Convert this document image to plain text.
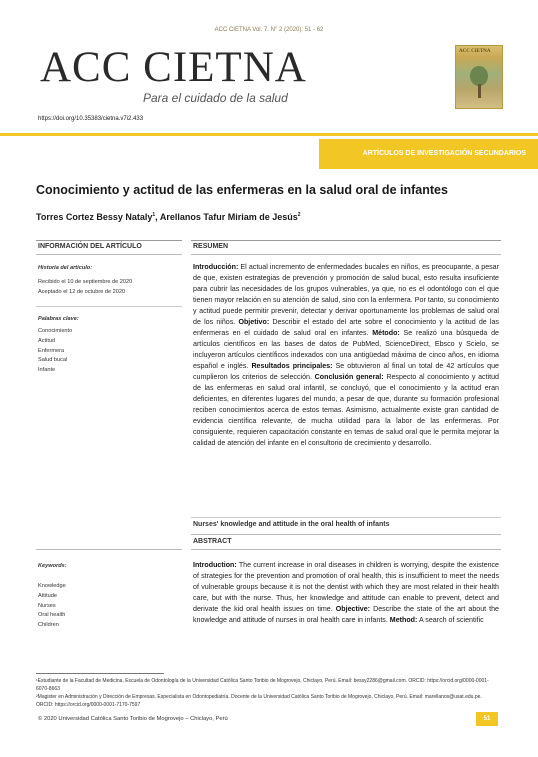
ACC CIETNA Vol. 7. N° 2 (2020): 51 - 62
ACC CIETNA
Para el cuidado de la salud
ACC CIETNA
https://doi.org/10.35383/cietna.v7i2.433
ARTÍCULOS DE INVESTIGACIÓN SECUNDARIOS
Conocimiento y actitud de las enfermeras en la salud oral de infantes
Torres Cortez Bessy Nataly$^1$, Arellanos Tafur Miriam de Jesús$^2$
INFORMACIÓN DEL ARTÍCULO
Historia del artículo:
Recibido el 10 de septiembre de 2020
Aceptado el 12 de octubre de 2020
Palabras clave:
Conocimiento
Actitud
Enfermera
Salud bucal
Infante
RESUMEN
Introducción: El actual incremento de enfermedades bucales en niños, es preocupante, a pesar de que, existen estrategias de prevención y promoción de salud bucal, esto resulta insuficiente para cubrir las necesidades de los grupos vulnerables, ya que, no es el odontólogo con el que tienen mayor relación en su atención de salud, sino con la enfermera. Por tanto, su conocimiento y actitud puede permitir prevenir, detectar y derivar oportunamente los problemas de salud oral de los niños. Objetivo: Describir el estado del arte sobre el conocimiento y la actitud de las enfermeras en el cuidado de salud oral en infantes. Método: Se realizó una búsqueda de artículos científicos en las bases de datos de PubMed, ScienceDirect, Ebsco y Scielo, se incluyeron artículos científicos indexados con una antigüedad máxima de cinco años, en idioma español e inglés. Resultados principales: Se obtuvieron al final un total de 42 artículos que cumplieron los criterios de selección. Conclusión general: Respecto al conocimiento y actitud de las enfermeras en salud oral infantil, se concluyó, que el conocimiento y la actitud eran deficientes, en diferentes lugares del mundo, a pesar de que, durante su formación profesional reciben conocimientos acerca de estos temas. Asimismo, actualmente existe gran cantidad de evidencia científica relevante, de mucha utilidad para la labor de las enfermeras. Por consiguiente, requieren capacitación constante en temas de salud oral que le permita mejorar la calidad de atención del infante en el consultorio de crecimiento y desarrollo.
Nurses' knowledge and attitude in the oral health of infants
ABSTRACT
Keywords:
Knowledge
Attitude
Nurses
Oral health
Children
Introduction: The current increase in oral diseases in children is worrying, despite the existence of strategies for the prevention and promotion of oral health, this is insufficient to meet the needs of vulnerable groups because it is not the dentist with which they are most related in their health care, but with the nurse. Thus, her knowledge and attitude can enable to prevent, detect and derivate the kid oral health issues on time. Objective: Describe the state of the art about the knowledge and attitude of nurses in oral health care in infants. Method: A search of scientific
¹Estudiante de la Facultad de Medicina, Escuela de Odontología de la Universidad Católica Santo Toribio de Mogrovejo, Chiclayo, Perú. Email: bessy2286@gmail.com. ORCID: https://orcid.org/0000-0001-6070-8663
²Magister en Administración y Dirección de Empresas. Especialista en Odontopediatría. Docente de la Universidad Católica Santo Toribio de Mogrovejo, Chiclayo, Perú. Email: marellanos@usat.edu.pe. ORCID: https://orcid.org/0000-0001-7170-7597
© 2020 Universidad Católica Santo Toribio de Mogrovejo – Chiclayo, Perú	51
